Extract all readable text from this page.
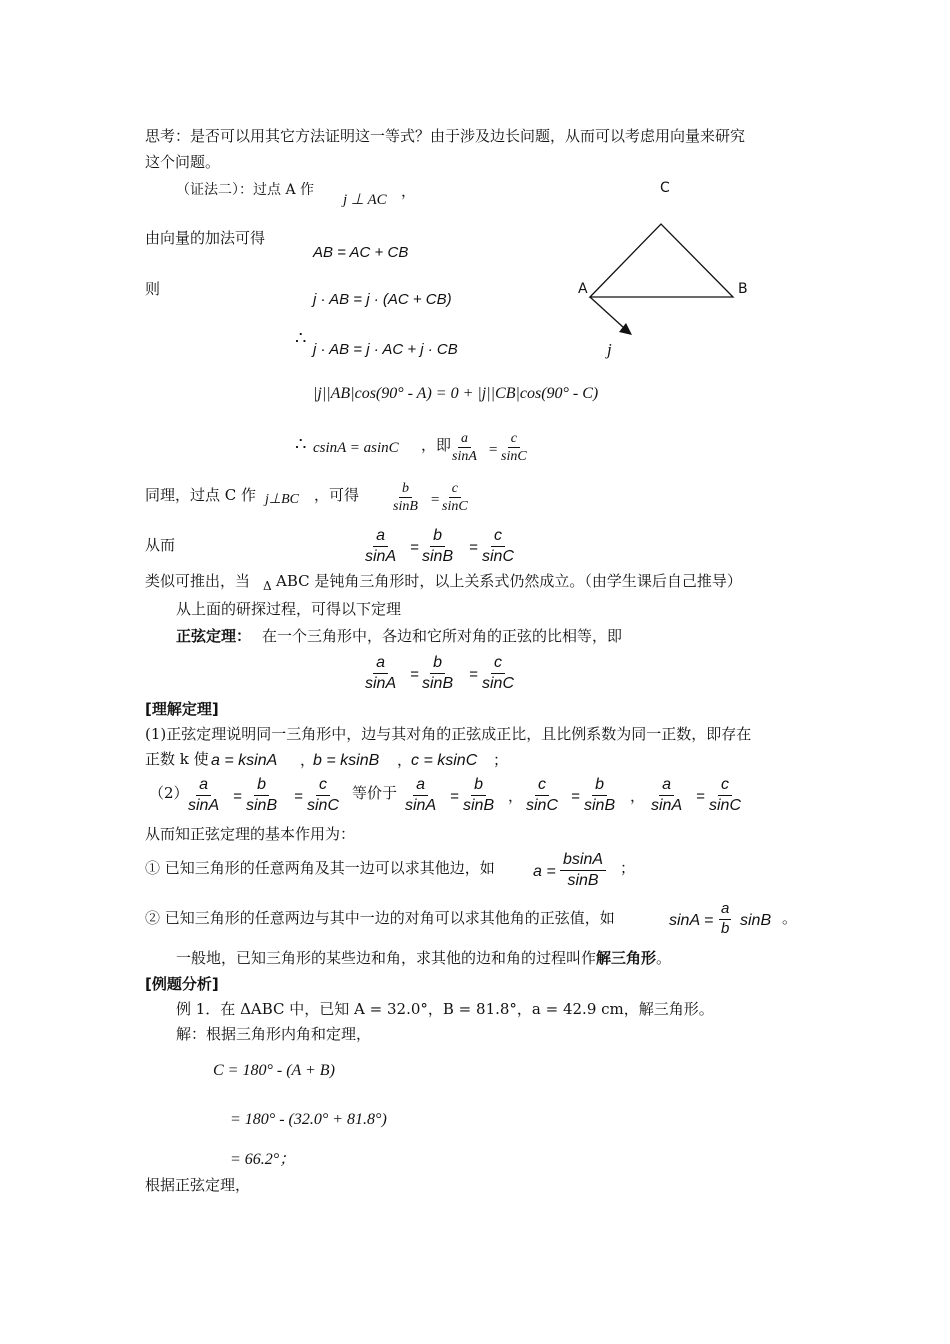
思考：是否可以用其它方法证明这一等式？由于涉及边长问题，从而可以考虑用向量来研究
这个问题。
（证法二）：过点 A 作
j ⊥ AC ，
由向量的加法可得
AB = AC + CB
则
j · AB = j · (AC + CB)
∴
j · AB = j · AC + j · CB
|j||AB|cos(90° - A) = 0 + |j||CB|cos(90° - C)
∴ csinA = asinC ，即
$\frac{a}{\sin A} = \frac{c}{\sin C}$
同理，过点 C 作 j⊥BC ，可得 $\frac{b}{\sin B}$ =
$\frac{c}{\sin C}$
从而	$\frac{a}{\sin A} = \frac{b}{\sin B} = \frac{c}{\sin C}$
C
A	B
j
类似可推出，当 Δ ABC 是钝角三角形时，以上关系式仍然成立。（由学生课后自己推导）
从上面的研探过程，可得以下定理
正弦定理： 在一个三角形中，各边和它所对角的正弦的比相等，即
$\frac{a}{\sin A} = \frac{b}{\sin B} = \frac{c}{\sin C}$
[理解定理]
(1)正弦定理说明同一三角形中，边与其对角的正弦成正比，且比例系数为同一正数，即存在
正数 k 使 a = ksinA ，
b = ksinB ，
c = ksinC ；
（2）
$\frac{a}{\sin A} = \frac{b}{\sin B} = \frac{c}{\sin C}$ 等价于 $\frac{a}{\sin A} = \frac{b}{\sin B}$ ， $\frac{c}{\sin C} = \frac{b}{\sin B}$ ， $\frac{a}{\sin A} = \frac{c}{\sin C}$
从而知正弦定理的基本作用为：
① 已知三角形的任意两角及其一边可以求其他边，如 $a = \frac{bsinA}{\sin B}$ ；
② 已知三角形的任意两边与其中一边的对角可以求其他角的正弦值，如	$\sin A = \frac{a}{b}$ sinB 。
一般地，已知三角形的某些边和角，求其他的边和角的过程叫作解三角形。
[例题分析]
例 1．在 ΔABC 中，已知 A = 32.0°，B = 81.8°，a = 42.9 cm，解三角形。
解：根据三角形内角和定理，
C = 180° - (A + B)
= 180° - (32.0° + 81.8°)
= 66.2°；
根据正弦定理，
